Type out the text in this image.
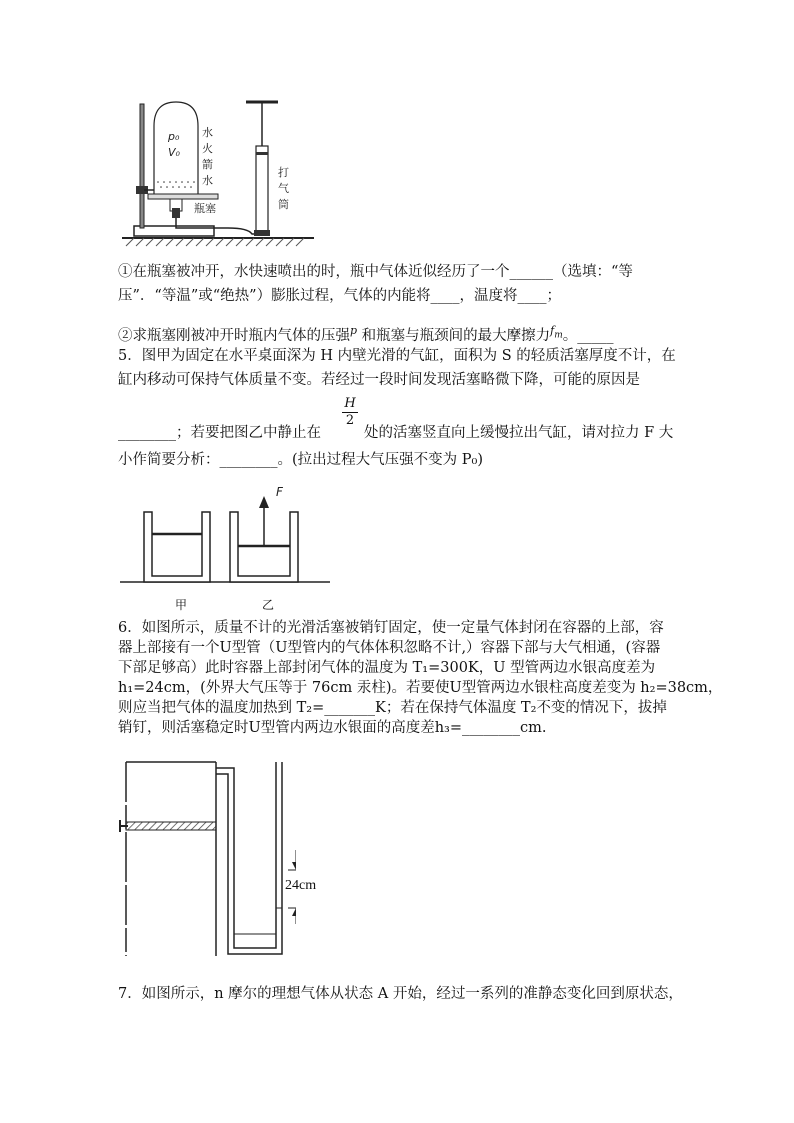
p₀
V₀
水
火
箭
水
瓶塞
打
气
筒
①在瓶塞被冲开，水快速喷出的时，瓶中气体近似经历了一个______（选填：“等
压”．“等温”或“绝热”）膨胀过程，气体的内能将____，温度将____；
②求瓶塞刚被冲开时瓶内气体的压强$^p$ 和瓶塞与瓶颈间的最大摩擦力$^{f_m}$。_____
5．图甲为固定在水平桌面深为 H 内壁光滑的气缸，面积为 S 的轻质活塞厚度不计，在
缸内移动可保持气体质量不变。若经过一段时间发现活塞略微下降，可能的原因是
$\frac{H}{2}$
________；若要把图乙中静止在	处的活塞竖直向上缓慢拉出气缸，请对拉力 F 大
小作简要分析：________。(拉出过程大气压强不变为 P₀)
F
甲	乙
6．如图所示，质量不计的光滑活塞被销钉固定，使一定量气体封闭在容器的上部，容
器上部接有一个U型管（U型管内的气体体积忽略不计,）容器下部与大气相通，(容器
下部足够高）此时容器上部封闭气体的温度为 T₁=300K，U 型管两边水银高度差为
h₁=24cm，(外界大气压等于 76cm 汞柱)。若要使U型管两边水银柱高度差变为 h₂=38cm，
则应当把气体的温度加热到 T₂=_______K；若在保持气体温度 T₂不变的情况下，拔掉
销钉，则活塞稳定时U型管内两边水银面的高度差h₃=________cm.
24cm
7．如图所示，n 摩尔的理想气体从状态 A 开始，经过一系列的准静态变化回到原状态，
